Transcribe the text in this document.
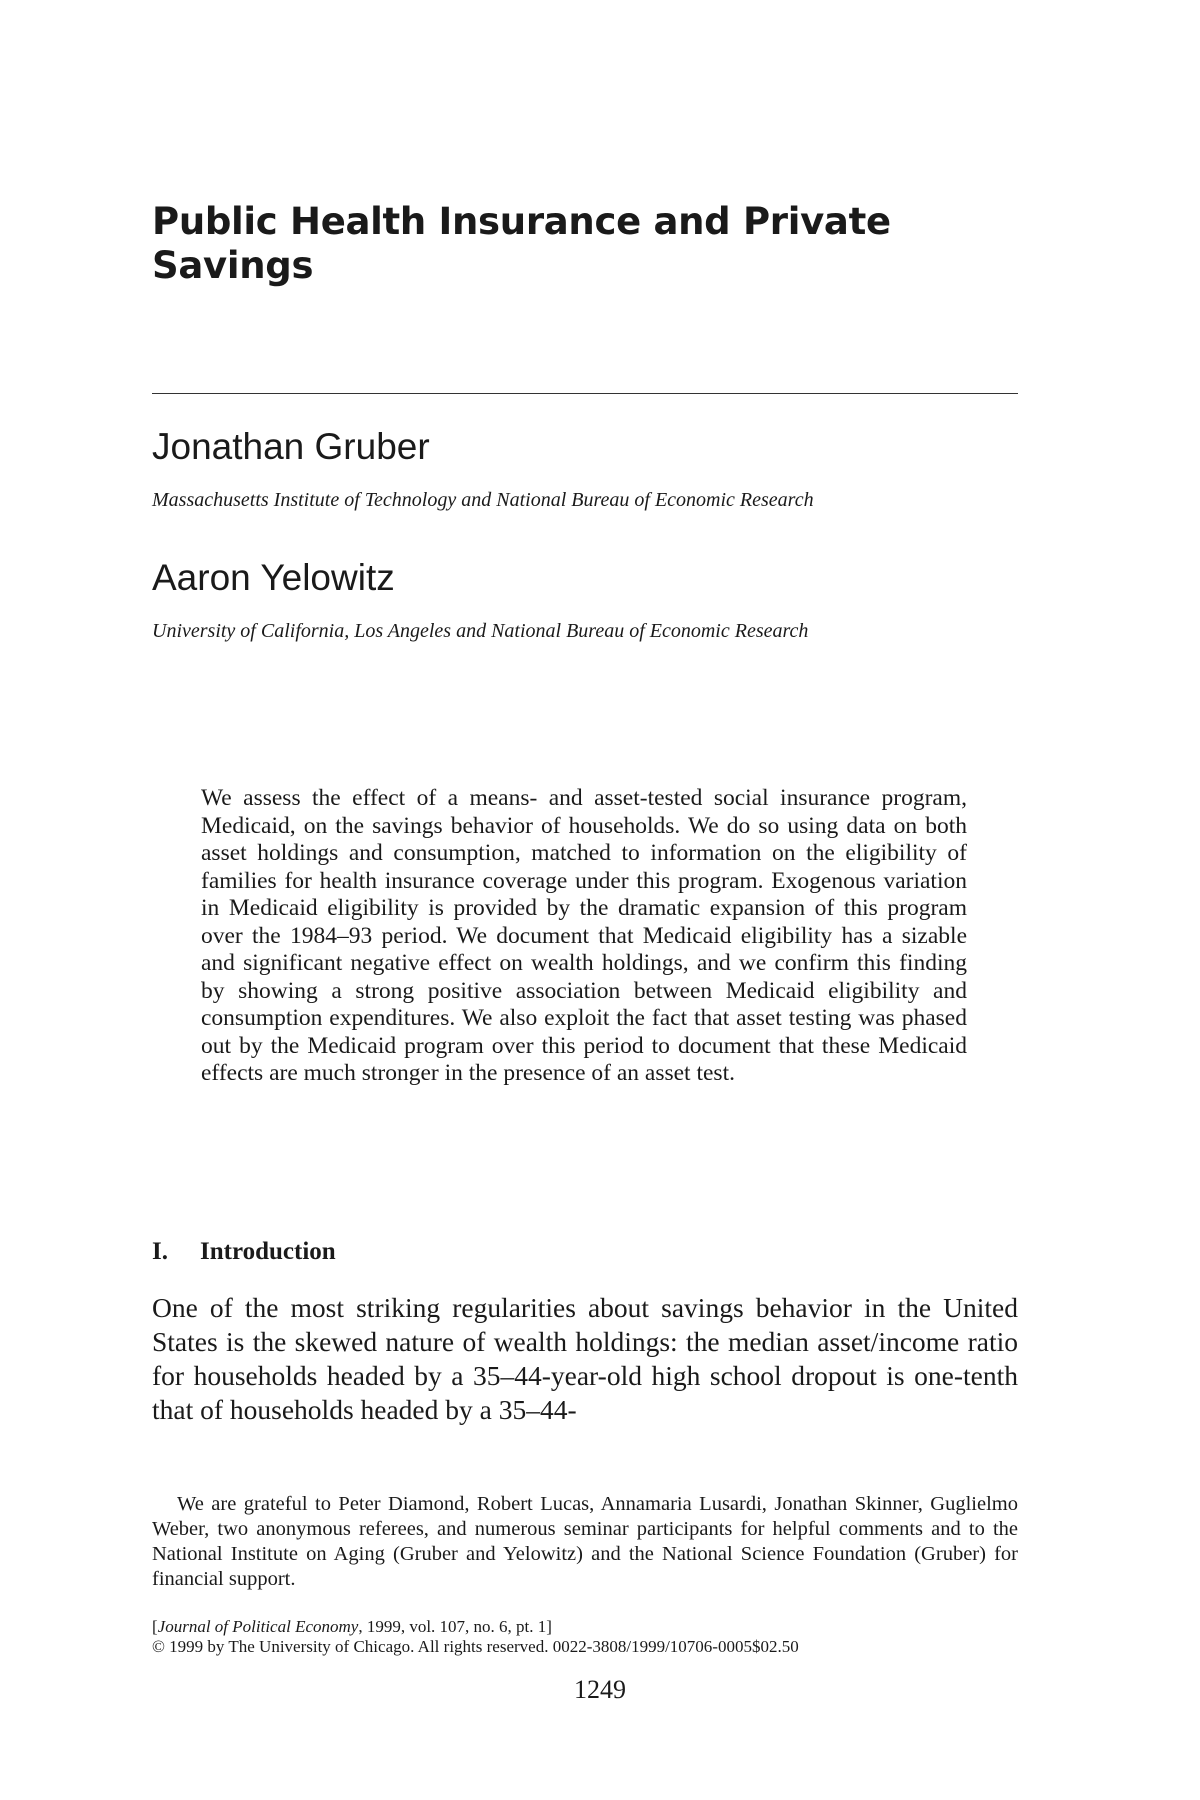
Public Health Insurance and Private Savings
Jonathan Gruber

Massachusetts Institute of Technology and National Bureau of Economic Research

Aaron Yelowitz

University of California, Los Angeles and National Bureau of Economic Research

We assess the effect of a means- and asset-tested social insurance program, Medicaid, on the savings behavior of households. We do so using data on both asset holdings and consumption, matched to information on the eligibility of families for health insurance coverage under this program. Exogenous variation in Medicaid eligibility is provided by the dramatic expansion of this program over the 1984–93 period. We document that Medicaid eligibility has a sizable and significant negative effect on wealth holdings, and we confirm this finding by showing a strong positive association between Medicaid eligibility and consumption expenditures. We also exploit the fact that asset testing was phased out by the Medicaid program over this period to document that these Medicaid effects are much stronger in the presence of an asset test.

I. Introduction

One of the most striking regularities about savings behavior in the United States is the skewed nature of wealth holdings: the median asset/income ratio for households headed by a 35–44-year-old high school dropout is one-tenth that of households headed by a 35–44-

We are grateful to Peter Diamond, Robert Lucas, Annamaria Lusardi, Jonathan Skinner, Guglielmo Weber, two anonymous referees, and numerous seminar participants for helpful comments and to the National Institute on Aging (Gruber and Yelowitz) and the National Science Foundation (Gruber) for financial support.

[Journal of Political Economy, 1999, vol. 107, no. 6, pt. 1]
© 1999 by The University of Chicago. All rights reserved. 0022-3808/1999/10706-0005$02.50

1249
